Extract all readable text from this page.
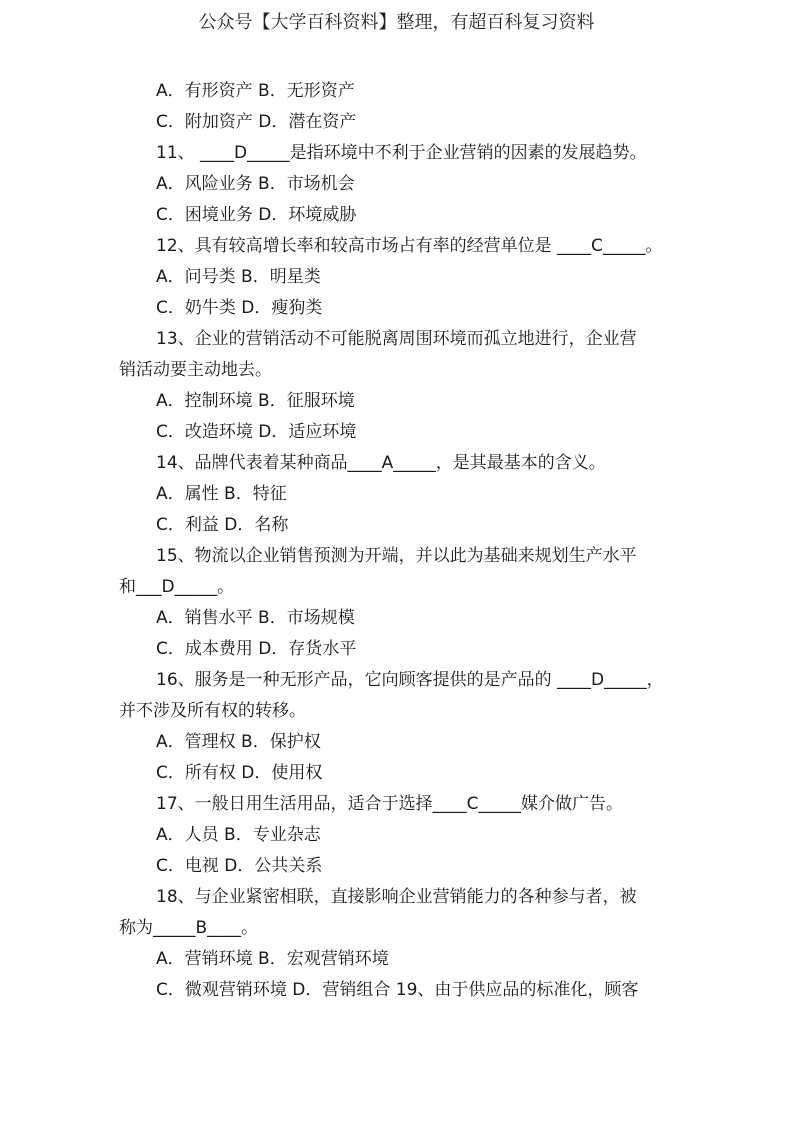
公众号【大学百科资料】整理，有超百科复习资料
A．有形资产 B．无形资产
C．附加资产 D．潜在资产
11、 ____D_____是指环境中不利于企业营销的因素的发展趋势。
A．风险业务 B．市场机会
C．困境业务 D．环境威胁
12、具有较高增长率和较高市场占有率的经营单位是 ____C_____。
A．问号类 B．明星类
C．奶牛类 D．瘦狗类
13、企业的营销活动不可能脱离周围环境而孤立地进行，企业营
销活动要主动地去。
A．控制环境 B．征服环境
C．改造环境 D．适应环境
14、品牌代表着某种商品____A_____，是其最基本的含义。
A．属性 B．特征
C．利益 D．名称
15、物流以企业销售预测为开端，并以此为基础来规划生产水平
和___D_____。
A．销售水平 B．市场规模
C．成本费用 D．存货水平
16、服务是一种无形产品，它向顾客提供的是产品的 ____D_____，
并不涉及所有权的转移。
A．管理权 B．保护权
C．所有权 D．使用权
17、一般日用生活用品，适合于选择____C_____媒介做广告。
A．人员 B．专业杂志
C．电视 D．公共关系
18、与企业紧密相联，直接影响企业营销能力的各种参与者，被
称为_____B____。
A．营销环境 B．宏观营销环境
C．微观营销环境 D．营销组合 19、由于供应品的标准化，顾客
